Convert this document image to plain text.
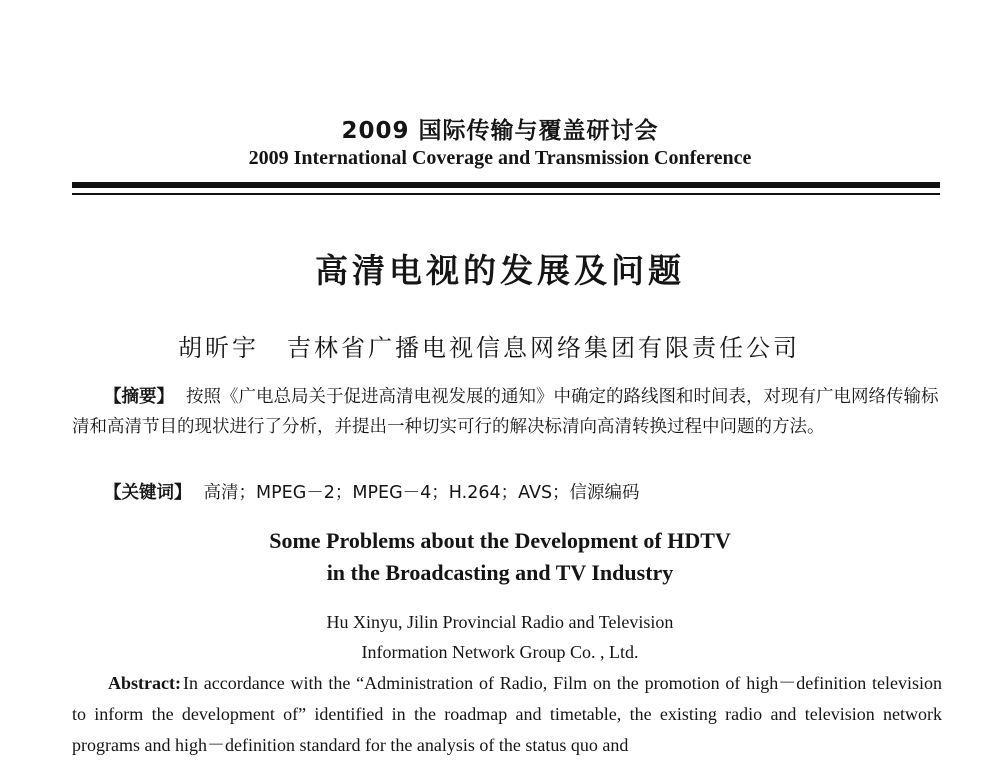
2009 国际传输与覆盖研讨会
2009 International Coverage and Transmission Conference
高清电视的发展及问题
胡昕宇 吉林省广播电视信息网络集团有限责任公司
【摘要】 按照《广电总局关于促进高清电视发展的通知》中确定的路线图和时间表，对现有广电网络传输标清和高清节目的现状进行了分析，并提出一种切实可行的解决标清向高清转换过程中问题的方法。
【关键词】 高清；MPEG－2；MPEG－4；H.264；AVS；信源编码
Some Problems about the Development of HDTV
in the Broadcasting and TV Industry
Hu Xinyu, Jilin Provincial Radio and Television
Information Network Group Co. , Ltd.
Abstract: In accordance with the “Administration of Radio, Film on the promotion of high－definition television to inform the development of” identified in the roadmap and timetable, the existing radio and television network programs and high－definition standard for the analysis of the status quo and
